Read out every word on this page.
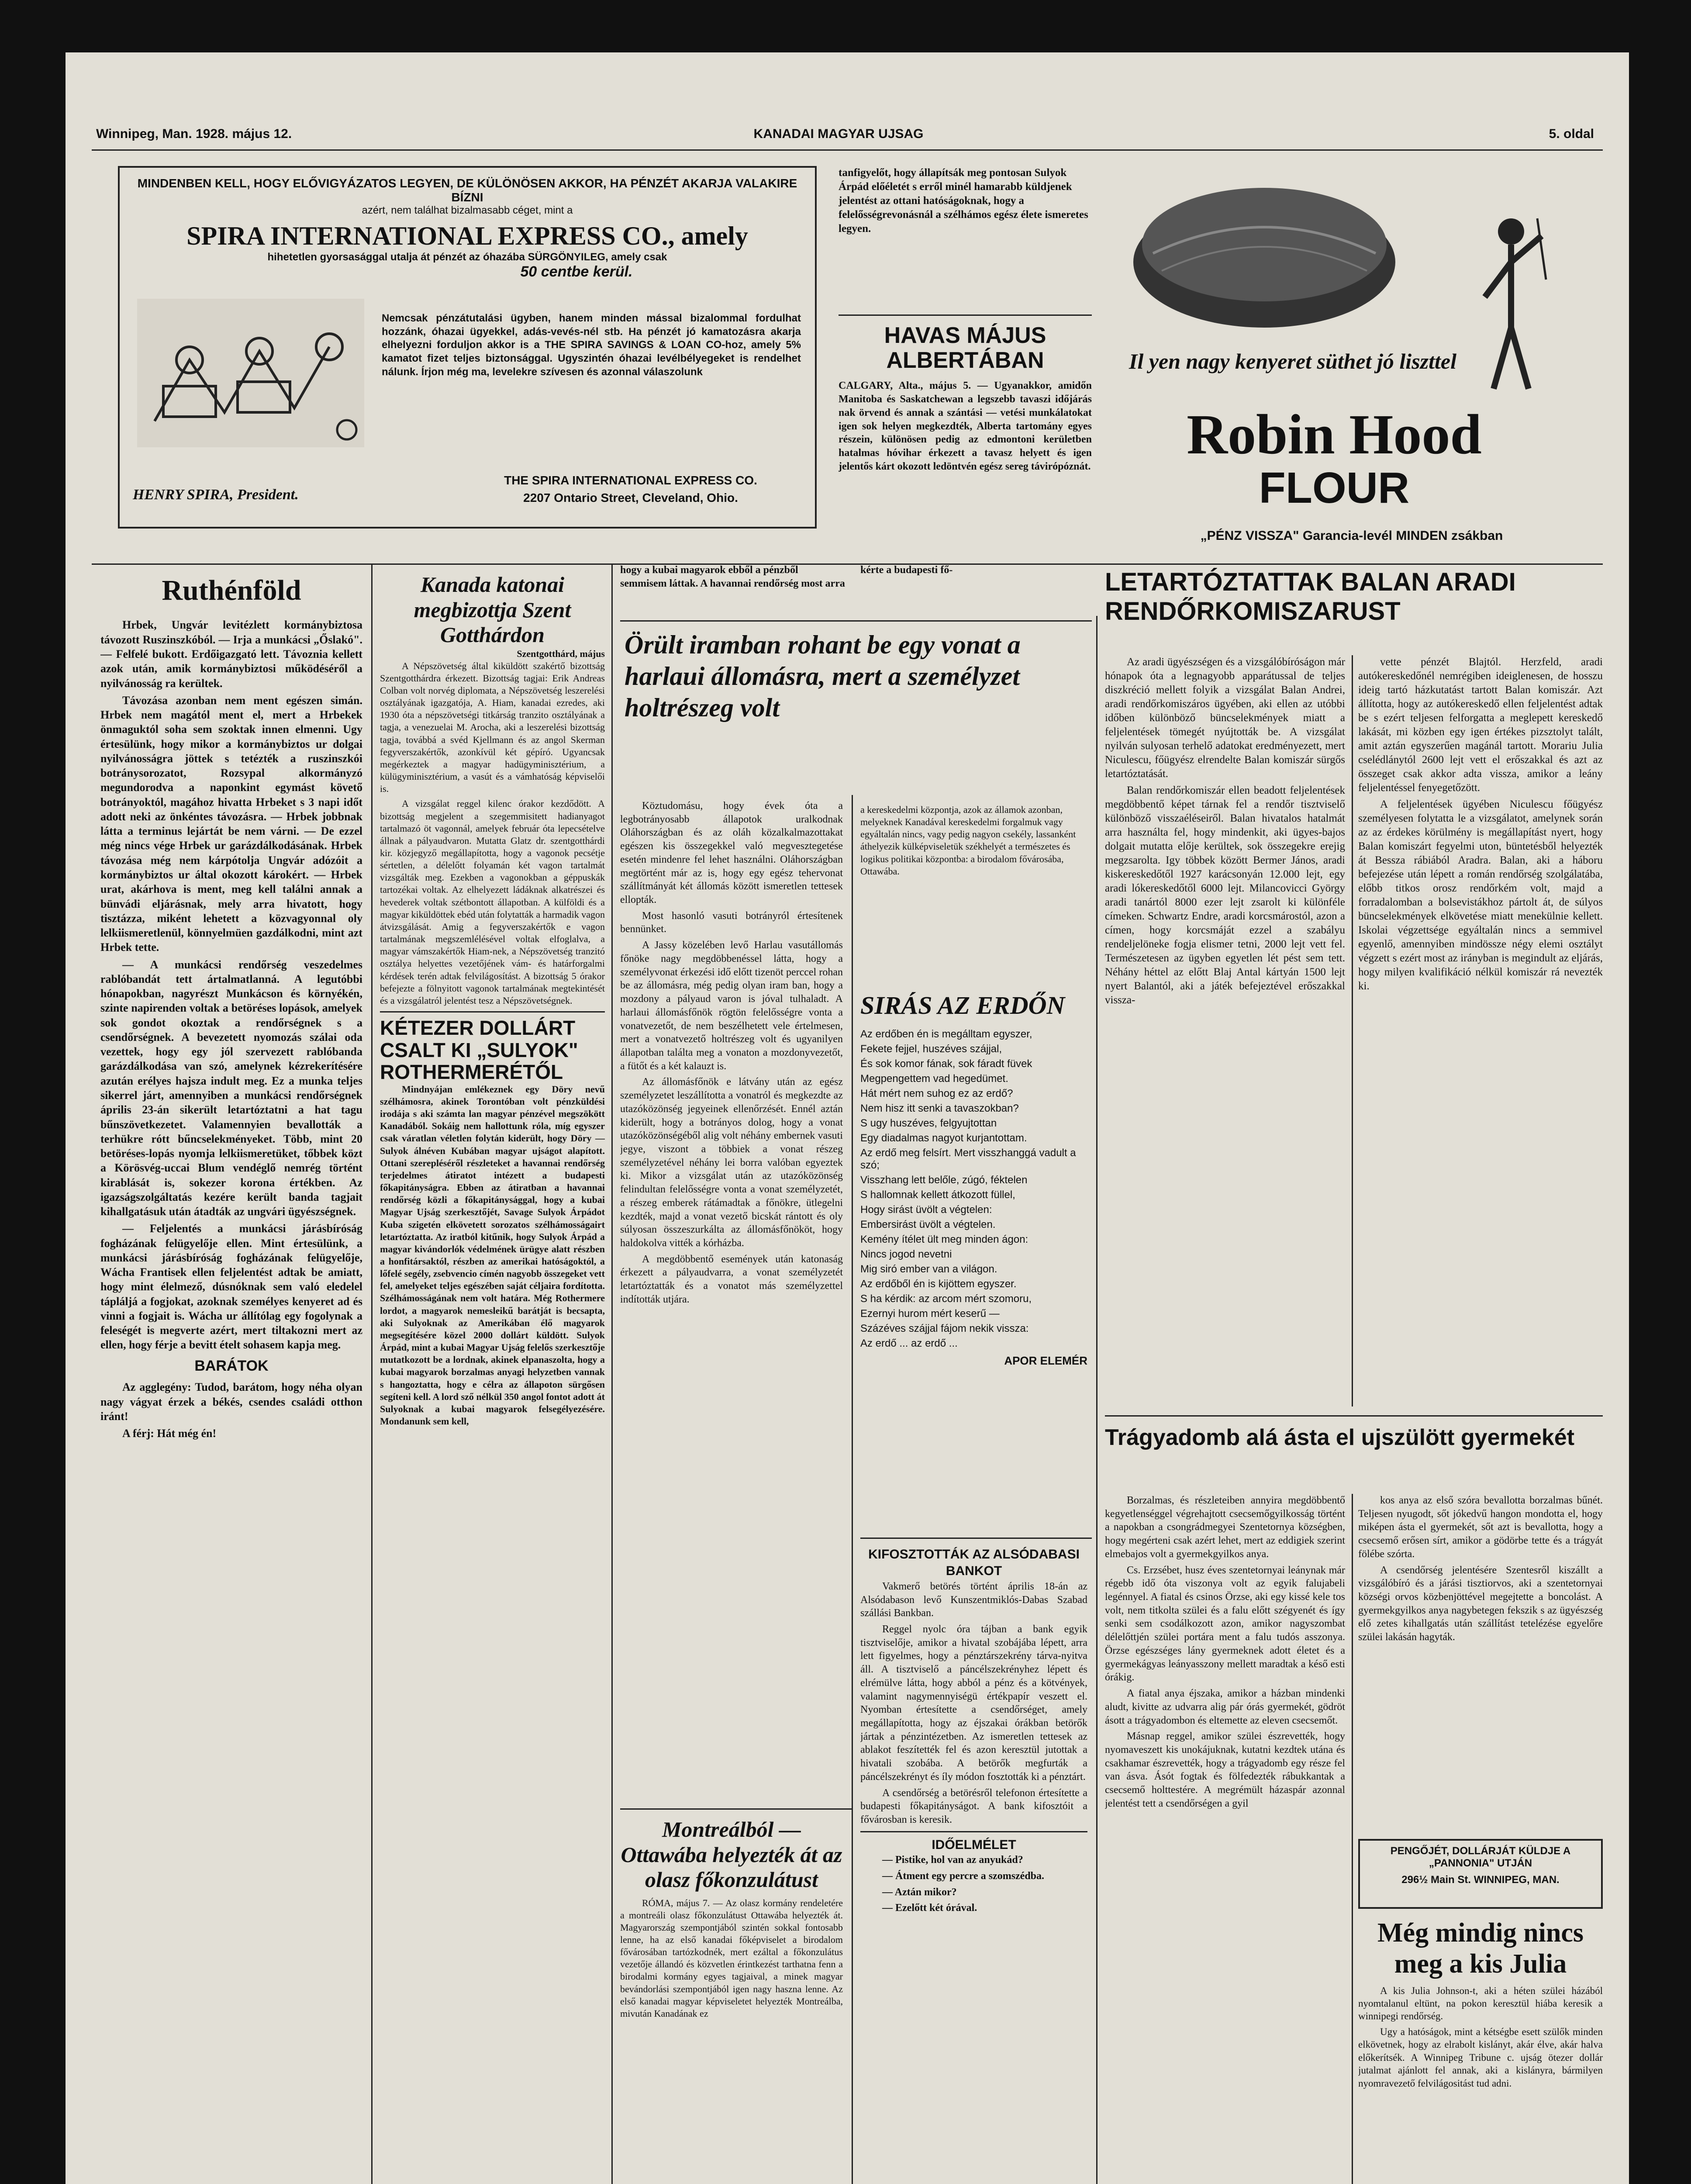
Winnipeg, Man. 1928. május 12.	KANADAI MAGYAR UJSAG	5. oldal
MINDENBEN KELL, HOGY ELŐVIGYÁZATOS LEGYEN, DE KÜLÖNÖSEN AKKOR, HA PÉNZÉT AKARJA VALAKIRE BÍZNI
azért, nem találhat bizalmasabb céget, mint a
SPIRA INTERNATIONAL EXPRESS CO., amely
hihetetlen gyorsasággal utalja át pénzét az óhazába SÜRGÖNYILEG, amely csak
50 centbe kerül.
Nemcsak pénzátutalási ügyben, hanem minden mással bizalommal fordulhat hozzánk, óhazai ügyekkel, adás-vevés-nél stb. Ha pénzét jó kamatozásra akarja elhelyezni forduljon akkor is a THE SPIRA SAVINGS & LOAN CO-hoz, amely 5% kamatot fizet teljes biztonsággal. Ugyszintén óhazai levélbélyegeket is rendelhet nálunk. Írjon még ma, levelekre szívesen és azonnal válaszolunk
HENRY SPIRA, President.
THE SPIRA INTERNATIONAL EXPRESS CO.
2207 Ontario Street, Cleveland, Ohio.
tanfigyelőt, hogy állapítsák meg pontosan Sulyok Árpád előéletét s erről minél hamarabb küldjenek jelentést az ottani hatóságoknak, hogy a felelősségrevonásnál a szélhámos egész élete ismeretes legyen.
HAVAS MÁJUS ALBERTÁBAN
CALGARY, Alta., május 5. — Ugyanakkor, amidőn Manitoba és Saskatchewan a legszebb tavaszi időjárás nak örvend és annak a szántási — vetési munkálatokat igen sok helyen megkezdték, Alberta tartomány egyes részein, különösen pedig az edmontoni kerületben hatalmas hóvihar érkezett a tavasz helyett és igen jelentős kárt okozott ledöntvén egész sereg távirópóznát.
Il yen nagy kenyeret süthet jó liszttel
Robin Hood
FLOUR
„PÉNZ VISSZA" Garancia-levél MINDEN zsákban
Ruthénföld

Hrbek, Ungvár levitézlett kormánybiztosa távozott Ruszinszkóból. — Irja a munkácsi „Őslakó". — Felfelé bukott. Erdőigazgató lett. Távoznia kellett azok után, amik kormánybiztosi működéséről a nyilvánosság ra kerültek.

Távozása azonban nem ment egészen simán. Hrbek nem magától ment el, mert a Hrbekek önmaguktól soha sem szoktak innen elmenni. Ugy értesülünk, hogy mikor a kormánybiztos ur dolgai nyilvánosságra jöttek s tetézték a ruszinszkói botránysorozatot, Rozsypal alkormányzó megundorodva a naponkint egymást követő botrányoktól, magához hivatta Hrbeket s 3 napi időt adott neki az önkéntes távozásra. — Hrbek jobbnak látta a terminus lejártát be nem várni. — De ezzel még nincs vége Hrbek ur garázdálkodásának. Hrbek távozása még nem kárpótolja Ungvár adózóit a kormánybiztos ur által okozott károkért. — Hrbek urat, akárhova is ment, meg kell találni annak a bünvádi eljárásnak, mely arra hivatott, hogy tisztázza, miként lehetett a közvagyonnal oly lelkiismeretlenül, könnyelmüen gazdálkodni, mint azt Hrbek tette.

— A munkácsi rendőrség veszedelmes rablóbandát tett ártalmatlanná. A legutóbbi hónapokban, nagyrészt Munkácson és környékén, szinte napirenden voltak a betöréses lopások, amelyek sok gondot okoztak a rendőrségnek s a csendőrségnek. A bevezetett nyomozás szálai oda vezettek, hogy egy jól szervezett rablóbanda garázdálkodása van szó, amelynek kézrekerítésére azután erélyes hajsza indult meg. Ez a munka teljes sikerrel járt, amennyiben a munkácsi rendőrségnek április 23-án sikerült letartóztatni a hat tagu bűnszövetkezetet. Valamennyien bevallották a terhükre rótt bűncselekményeket. Több, mint 20 betöréses-lopás nyomja lelkiismeretüket, tőbbek közt a Körösvég-uccai Blum vendéglő nemrég történt kirablását is, sokezer korona értékben. Az igazságszolgáltatás kezére került banda tagjait kihallgatásuk után átadták az ungvári ügyészségnek.

— Feljelentés a munkácsi járásbíróság fogházának felügyelője ellen. Mint értesülünk, a munkácsi járásbíróság fogházának felügyelője, Wácha Frantisek ellen feljelentést adtak be amiatt, hogy mint élelmező, dúsnóknak sem való eledelel tápláljá a fogjokat, azoknak személyes kenyeret ad és vinni a fogjait is. Wácha ur állítólag egy fogolynak a feleségét is megverte azért, mert tiltakozni mert az ellen, hogy férje a bevitt ételt sohasem kapja meg.

BARÁTOK

Az agglegény: Tudod, barátom, hogy néha olyan nagy vágyat érzek a békés, csendes családi otthon iránt!

A férj: Hát még én!

Kanada katonai megbizottja Szent Gotthárdon
Szentgotthárd, május

A Népszövetség által kiküldött szakértő bizottság Szentgotthárdra érkezett. Bizottság tagjai: Erik Andreas Colban volt norvég diplomata, a Népszövetség leszerelési osztályának igazgatója, A. Hiam, kanadai ezredes, aki 1930 óta a népszövetségi titkárság tranzito osztályának a tagja, a venezuelai M. Arocha, aki a leszerelési bizottság tagja, továbbá a svéd Kjellmann és az angol Skerman fegyverszakértők, azonkívül két gépíró. Ugyancsak megérkeztek a magyar hadügyminisztérium, a külügyminisztérium, a vasút és a vámhatóság képviselői is.

A vizsgálat reggel kilenc órakor kezdődött. A bizottság megjelent a szegemmisitett hadianyagot tartalmazó öt vagonnál, amelyek február óta lepecsételve állnak a pályaudvaron. Mutatta Glatz dr. szentgotthárdi kir. közjegyző megállapította, hogy a vagonok pecsétje sértetlen, a délelőtt folyamán két vagon tartalmát vizsgálták meg. Ezekben a vagonokban a géppuskák tartozékai voltak. Az elhelyezett ládáknak alkatrészei és hevederek voltak szétbontott állapotban. A külföldi és a magyar kiküldöttek ebéd után folytatták a harmadik vagon átvizsgálását. Amig a fegyverszakértők e vagon tartalmának megszemlélésével voltak elfoglalva, a magyar vámszakértők Hiam-nek, a Népszövetség tranzitó osztálya helyettes vezetőjének vám- és határforgalmi kérdések terén adtak felvilágosítást. A bizottság 5 órakor befejezte a fölnyitott vagonok tartalmának megtekintését és a vizsgálatról jelentést tesz a Népszövetségnek.

KÉTEZER DOLLÁRT CSALT KI „SULYOK" ROTHERMERÉTŐL

Mindnyájan emlékeznek egy Döry nevű szélhámosra, akinek Torontóban volt pénzküldési irodája s aki számta lan magyar pénzével megszökött Kanadából. Sokáig nem hallottunk róla, míg egyszer csak váratlan véletlen folytán kiderült, hogy Döry — Sulyok álnéven Kubában magyar ujságot alapított. Ottani szerepléséről részleteket a havannai rendőrség terjedelmes átiratot intézett a budapesti főkapitányságra. Ebben az átiratban a havannai rendőrség közli a főkapitánysággal, hogy a kubai Magyar Ujság szerkesztőjét, Savage Sulyok Árpádot Kuba szigetén elkövetett sorozatos szélhámosságairt letartóztatta. Az iratból kitűnik, hogy Sulyok Árpád a magyar kivándorlók védelmének ürügye alatt részben a honfitársaktól, részben az amerikai hatóságoktól, a lőfelé segély, zsebvencio címén nagyobb összegeket vett fel, amelyeket teljes egészében saját céljaira fordította. Szélhámosságának nem volt határa. Még Rothermere lordot, a magyarok nemesleikű barátját is becsapta, aki Sulyoknak az Amerikában élő magyarok megsegítésére közel 2000 dollárt küldött. Sulyok Árpád, mint a kubai Magyar Ujság felelős szerkesztője mutatkozott be a lordnak, akinek elpanaszolta, hogy a kubai magyarok borzalmas anyagi helyzetben vannak s hangoztatta, hogy e célra az állapoton sürgősen segíteni kell. A lord sző nélkül 350 angol fontot adott át Sulyoknak a kubai magyarok felsegélyezésére. Mondanunk sem kell,

hogy a kubai magyarok ebből a pénzből semmisem láttak. A havannai rendőrség most arra kérte a budapesti fő-
Örült iramban rohant be egy vonat a harlaui állomásra, mert a személyzet holtrészeg volt

Köztudomásu, hogy évek óta a legbotrányosabb állapotok uralkodnak Oláhországban és az oláh közalkalmazottakat egészen kis összegekkel való megvesztegetése esetén mindenre fel lehet használni. Oláhországban megtörtént már az is, hogy egy egész tehervonat szállítmányát két állomás között ismeretlen tettesek ellopták.

Most hasonló vasuti botrányról értesítenek bennünket.

A Jassy közelében levő Harlau vasutállomás főnöke nagy megdöbbenéssel látta, hogy a személyvonat érkezési idő előtt tizenöt perccel rohan be az állomásra, még pedig olyan iram ban, hogy a mozdony a pályaud varon is jóval tulhaladt. A harlaui állomásfőnök rögtön felelősségre vonta a vonatvezetőt, de nem beszélhetett vele értelmesen, mert a vonatvezető holtrészeg volt és ugyanilyen állapotban találta meg a vonaton a mozdonyvezetőt, a fütőt és a két kalauzt is.

Az állomásfőnök e látvány után az egész személyzetet leszállította a vonatról és megkezdte az utazóközönség jegyeinek ellenőrzését. Ennél aztán kiderült, hogy a botrányos dolog, hogy a vonat utazóközönségéből alig volt néhány embernek vasuti jegye, viszont a többiek a vonat részeg személyzetével néhány lei borra valóban egyeztek ki. Mikor a vizsgálat után az utazóközönség felindultan felelősségre vonta a vonat személyzetét, a részeg emberek rátámadtak a főnökre, ütlegelni kezdték, majd a vonat vezető bicskát rántott és oly súlyosan összeszurkálta az állomásfőnököt, hogy haldokolva vitték a kórházba.

A megdöbbentő események után katonaság érkezett a pályaudvarra, a vonat személyzetét letartóztatták és a vonatot más személyzettel indították utjára.

a kereskedelmi központja, azok az államok azonban, melyeknek Kanadával kereskedelmi forgalmuk vagy egyáltalán nincs, vagy pedig nagyon csekély, lassanként áthelyezik külképviseletük székhelyét a természetes és logikus politikai központba: a birodalom fővárosába, Ottawába.
SIRÁS AZ ERDŐN

Az erdőben én is megálltam egyszer,

Fekete fejjel, huszéves szájjal,

És sok komor fának, sok fáradt füvek

Megpengettem vad hegedümet.

Hát mért nem suhog ez az erdő?

Nem hisz itt senki a tavaszokban?

S ugy huszéves, felgyujtottan

Egy diadalmas nagyot kurjantottam.

Az erdő meg felsírt. Mert visszhanggá vadult a szó;

Visszhang lett belőle, zúgó, féktelen

S hallomnak kellett átkozott füllel,

Hogy sirást üvölt a végtelen:

Embersirást üvölt a végtelen.

Kemény ítélet ült meg minden ágon:

Nincs jogod nevetni

Mig siró ember van a világon.

Az erdőből én is kijöttem egyszer.

S ha kérdik: az arcom mért szomoru,

Ezernyi hurom mért keserű —

Százéves szájjal fájom nekik vissza:

Az erdő ... az erdő ...

APOR ELEMÉR
KIFOSZTOTTÁK AZ ALSÓDABASI BANKOT

Vakmerő betörés történt április 18-án az Alsódabason levő Kunszentmiklós-Dabas Szabad szállási Bankban.

Reggel nyolc óra tájban a bank egyik tisztviselője, amikor a hivatal szobájába lépett, arra lett figyelmes, hogy a pénztárszekrény tárva-nyitva áll. A tisztviselő a páncélszekrényhez lépett és elrémülve látta, hogy abból a pénz és a kötvények, valamint nagymennyiségü értékpapír veszett el. Nyomban értesítette a csendőrséget, amely megállapította, hogy az éjszakai órákban betörők jártak a pénzintézetben. Az ismeretlen tettesek az ablakot feszítették fel és azon keresztül jutottak a hivatali szobába. A betörők megfurták a páncélszekrényt és íly módon fosztották ki a pénztárt.

A csendőrség a betörésről telefonon értesítette a budapesti főkapitányságot. A bank kifosztóit a fővárosban is keresik.

IDŐELMÉLET

— Pistike, hol van az anyukád?

— Átment egy percre a szomszédba.

— Aztán mikor?

— Ezelőtt két órával.

Montreálból — Ottawába helyezték át az olasz főkonzulátust

RÓMA, május 7. — Az olasz kormány rendeletére a montreáli olasz főkonzulátust Ottawába helyezték át. Magyarország szempontjából szintén sokkal fontosabb lenne, ha az első kanadai főképviselet a birodalom fővárosában tartózkodnék, mert ezáltal a főkonzulátus vezetője állandó és közvetlen érintkezést tarthatna fenn a birodalmi kormány egyes tagjaival, a minek magyar bevándorlási szempontjából igen nagy haszna lenne. Az első kanadai magyar képviseletet helyezték Montreálba, mivután Kanadának ez

LETARTÓZTATTAK BALAN ARADI RENDŐRKOMISZARUST

Az aradi ügyészségen és a vizsgálóbíróságon már hónapok óta a legnagyobb apparátussal de teljes diszkréció mellett folyik a vizsgálat Balan Andrei, aradi rendőrkomiszáros ügyében, aki ellen az utóbbi időben különböző büncselekmények miatt a feljelentések tömegét nyújtották be. A vizsgálat nyilván sulyosan terhelő adatokat eredményezett, mert Niculescu, főügyész elrendelte Balan komiszár sürgős letartóztatását.

Balan rendőrkomiszár ellen beadott feljelentések megdöbbentő képet tárnak fel a rendőr tisztviselő különböző visszaéléseiről. Balan hivatalos hatalmát arra használta fel, hogy mindenkit, aki ügyes-bajos dolgait mutatta elője kerültek, sok összegekre erejig megzsarolta. Igy többek között Bermer János, aradi kiskereskedőtől 1927 karácsonyán 12.000 lejt, egy aradi lókereskedőtől 6000 lejt. Milancovicci György aradi tanártól 8000 ezer lejt zsarolt ki különféle címeken. Schwartz Endre, aradi korcsmárostól, azon a címen, hogy korcsmáját ezzel a szabályu rendeljelöneke fogja elismer tetni, 2000 lejt vett fel. Természetesen az ügyben egyetlen lét pést sem tett. Néhány héttel az előtt Blaj Antal kártyán 1500 lejt nyert Balantól, aki a játék befejeztével erőszakkal vissza-

vette pénzét Blajtól. Herzfeld, aradi autókereskedőnél nemrégiben ideiglenesen, de hosszu ideig tartó házkutatást tartott Balan komiszár. Azt állította, hogy az autókereskedő ellen feljelentést adtak be s ezért teljesen felforgatta a meglepett kereskedő lakását, mi közben egy igen értékes pizsztolyt talált, amit aztán egyszerűen magánál tartott. Morariu Julia cselédlánytól 2600 lejt vett el erőszakkal és azt az összeget csak akkor adta vissza, amikor a leány feljelentéssel fenyegetőzött.

A feljelentések ügyében Niculescu főügyész személyesen folytatta le a vizsgálatot, amelynek során az az érdekes körülmény is megállapítást nyert, hogy Balan komiszárt fegyelmi uton, büntetésből helyezték át Bessza rábiából Aradra. Balan, aki a háboru befejezése után lépett a román rendőrség szolgálatába, előbb titkos orosz rendőrkém volt, majd a forradalomban a bolsevistákhoz pártolt át, de súlyos büncselekmények elkövetése miatt menekülnie kellett. Iskolai végzettsége egyáltalán nincs a semmivel egyenlő, amennyiben mindössze négy elemi osztályt végzett s ezért most az irányban is megindult az eljárás, hogy milyen kvalifikáció nélkül komiszár rá nevezték ki.

Trágyadomb alá ásta el ujszülött gyermekét

Borzalmas, és részleteiben annyira megdöbbentő kegyetlenséggel végrehajtott csecsemőgyilkosság történt a napokban a csongrádmegyei Szentetornya községben, hogy megérteni csak azért lehet, mert az eddigiek szerint elmebajos volt a gyermekgyilkos anya.

Cs. Erzsébet, husz éves szentetornyai leánynak már régebb idő óta viszonya volt az egyik falujabeli legénnyel. A fiatal és csinos Örzse, aki egy kissé kele tos volt, nem titkolta szülei és a falu előtt szégyenét és így senki sem csodálkozott azon, amikor nagyszombat délelőttjén szülei portára ment a falu tudós asszonya. Örzse egészséges lány gyermeknek adott életet és a gyermekágyas leányasszony mellett maradtak a késő esti órákig.

A fiatal anya éjszaka, amikor a házban mindenki aludt, kivitte az udvarra alig pár órás gyermekét, gödröt ásott a trágyadombon és eltemette az eleven csecsemőt.

Másnap reggel, amikor szülei észrevették, hogy nyomaveszett kis unokájuknak, kutatni kezdtek utána és csakhamar észrevették, hogy a trágyadomb egy része fel van ásva. Ásót fogtak és fölfedezték rábukkantak a csecsemő holttestére. A megrémült házaspár azonnal jelentést tett a csendőrségen a gyil

kos anya az első szóra bevallotta borzalmas bűnét. Teljesen nyugodt, sőt jókedvű hangon mondotta el, hogy miképen ásta el gyermekét, sőt azt is bevallotta, hogy a csecsemő erősen sírt, amikor a gödörbe tette és a trágyát fölébe szórta.

A csendőrség jelentésére Szentesről kiszállt a vizsgálóbíró és a járási tisztiorvos, aki a szentetornyai községi orvos közbenjöttével megejtette a boncolást. A gyermekgyilkos anya nagybetegen fekszik s az ügyészség elő zetes kihallgatás után szállítást tetelézése egyelőre szülei lakásán hagyták.

PENGŐJÉT, DOLLÁRJÁT KÜLDJE A „PANNONIA" UTJÁN
296½ Main St. WINNIPEG, MAN.
Még mindig nincs meg a kis Julia

A kis Julia Johnson-t, aki a héten szülei házából nyomtalanul eltünt, na pokon keresztül hiába keresik a winnipegi rendőrség.

Ugy a hatóságok, mint a kétségbe esett szülők minden elkövetnek, hogy az elrabolt kislányt, akár élve, akár halva előkerítsék. A Winnipeg Tribune c. ujság ötezer dollár jutalmat ajánlott fel annak, aki a kislányra, bármilyen nyomravezető felvilágositást tud adni.
